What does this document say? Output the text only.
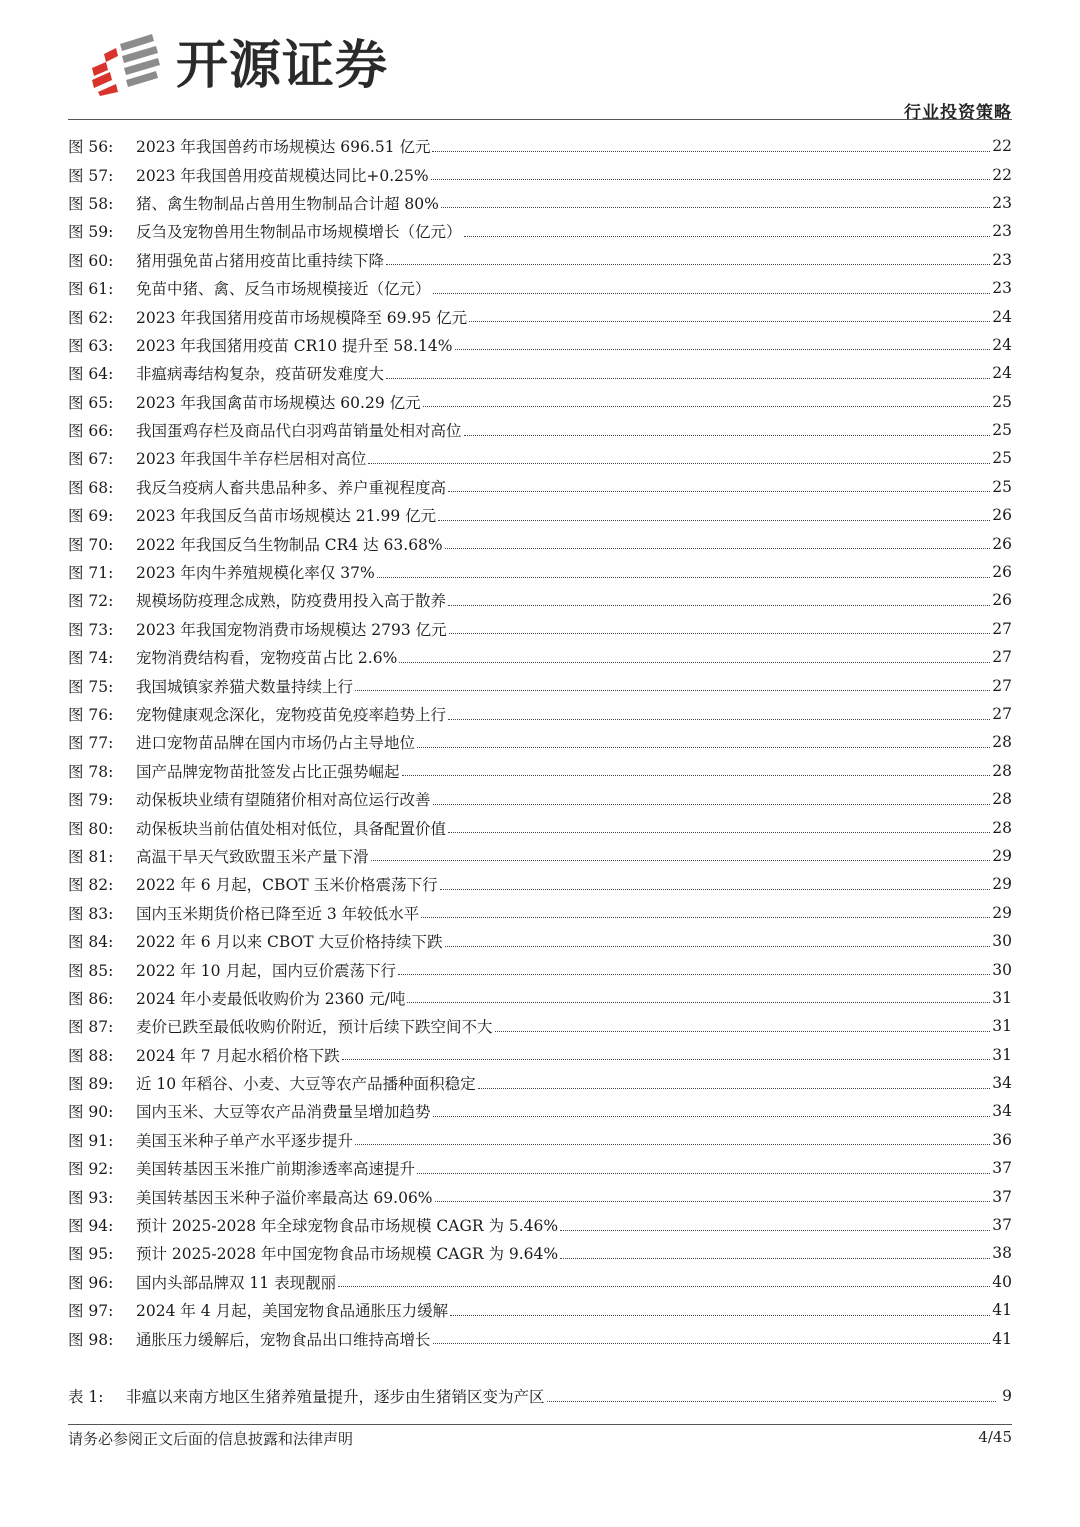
开源证券
行业投资策略
图 56:	2023 年我国兽药市场规模达 696.51 亿元	22
图 57:	2023 年我国兽用疫苗规模达同比+0.25%	22
图 58:	猪、禽生物制品占兽用生物制品合计超 80%	23
图 59:	反刍及宠物兽用生物制品市场规模增长（亿元）	23
图 60:	猪用强免苗占猪用疫苗比重持续下降	23
图 61:	免苗中猪、禽、反刍市场规模接近（亿元）	23
图 62:	2023 年我国猪用疫苗市场规模降至 69.95 亿元	24
图 63:	2023 年我国猪用疫苗 CR10 提升至 58.14%	24
图 64:	非瘟病毒结构复杂，疫苗研发难度大	24
图 65:	2023 年我国禽苗市场规模达 60.29 亿元	25
图 66:	我国蛋鸡存栏及商品代白羽鸡苗销量处相对高位	25
图 67:	2023 年我国牛羊存栏居相对高位	25
图 68:	我反刍疫病人畜共患品种多、养户重视程度高	25
图 69:	2023 年我国反刍苗市场规模达 21.99 亿元	26
图 70:	2022 年我国反刍生物制品 CR4 达 63.68%	26
图 71:	2023 年肉牛养殖规模化率仅 37%	26
图 72:	规模场防疫理念成熟，防疫费用投入高于散养	26
图 73:	2023 年我国宠物消费市场规模达 2793 亿元	27
图 74:	宠物消费结构看，宠物疫苗占比 2.6%	27
图 75:	我国城镇家养猫犬数量持续上行	27
图 76:	宠物健康观念深化，宠物疫苗免疫率趋势上行	27
图 77:	进口宠物苗品牌在国内市场仍占主导地位	28
图 78:	国产品牌宠物苗批签发占比正强势崛起	28
图 79:	动保板块业绩有望随猪价相对高位运行改善	28
图 80:	动保板块当前估值处相对低位，具备配置价值	28
图 81:	高温干旱天气致欧盟玉米产量下滑	29
图 82:	2022 年 6 月起，CBOT 玉米价格震荡下行	29
图 83:	国内玉米期货价格已降至近 3 年较低水平	29
图 84:	2022 年 6 月以来 CBOT 大豆价格持续下跌	30
图 85:	2022 年 10 月起，国内豆价震荡下行	30
图 86:	2024 年小麦最低收购价为 2360 元/吨	31
图 87:	麦价已跌至最低收购价附近，预计后续下跌空间不大	31
图 88:	2024 年 7 月起水稻价格下跌	31
图 89:	近 10 年稻谷、小麦、大豆等农产品播种面积稳定	34
图 90:	国内玉米、大豆等农产品消费量呈增加趋势	34
图 91:	美国玉米种子单产水平逐步提升	36
图 92:	美国转基因玉米推广前期渗透率高速提升	37
图 93:	美国转基因玉米种子溢价率最高达 69.06%	37
图 94:	预计 2025-2028 年全球宠物食品市场规模 CAGR 为 5.46%	37
图 95:	预计 2025-2028 年中国宠物食品市场规模 CAGR 为 9.64%	38
图 96:	国内头部品牌双 11 表现靓丽	40
图 97:	2024 年 4 月起，美国宠物食品通胀压力缓解	41
图 98:	通胀压力缓解后，宠物食品出口维持高增长	41
表 1:	非瘟以来南方地区生猪养殖量提升，逐步由生猪销区变为产区	9
请务必参阅正文后面的信息披露和法律声明	4/45
